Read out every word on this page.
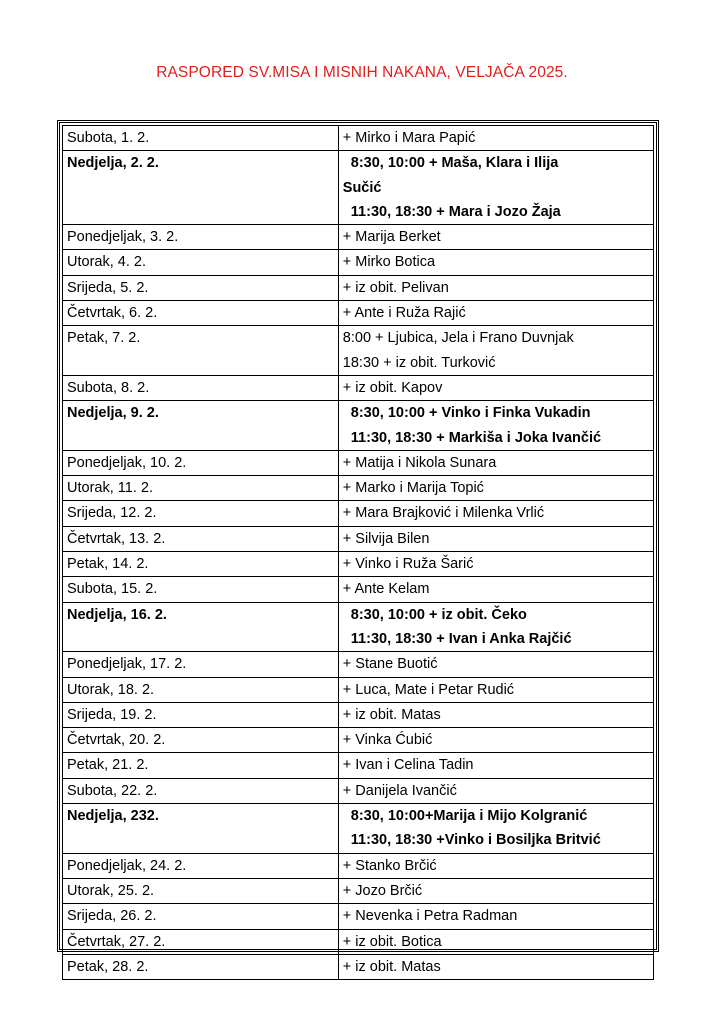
RASPORED SV.MISA I MISNIH NAKANA, VELJAČA 2025.
Subota, 1. 2.	+ Mirko i Mara Papić

Nedjelja, 2. 2.	8:30, 10:00 + Maša, Klara i Ilija
Sučić
11:30, 18:30 + Mara i Jozo Žaja

Ponedjeljak, 3. 2.	+ Marija Berket

Utorak, 4. 2.	+ Mirko Botica

Srijeda, 5. 2.	+ iz obit. Pelivan

Četvrtak, 6. 2.	+ Ante i Ruža Rajić

Petak, 7. 2.	8:00 + Ljubica, Jela i Frano Duvnjak
18:30 + iz obit. Turković

Subota, 8. 2.	+ iz obit. Kapov

Nedjelja, 9. 2.	8:30, 10:00 + Vinko i Finka Vukadin
11:30, 18:30 + Markiša i Joka Ivančić

Ponedjeljak, 10. 2.	+ Matija i Nikola Sunara

Utorak, 11. 2.	+ Marko i Marija Topić

Srijeda, 12. 2.	+ Mara Brajković i Milenka Vrlić

Četvrtak, 13. 2.	+ Silvija Bilen

Petak, 14. 2.	+ Vinko i Ruža Šarić

Subota, 15. 2.	+ Ante Kelam

Nedjelja, 16. 2.	8:30, 10:00 + iz obit. Čeko
11:30, 18:30 + Ivan i Anka Rajčić

Ponedjeljak, 17. 2.	+ Stane Buotić

Utorak, 18. 2.	+ Luca, Mate i Petar Rudić

Srijeda, 19. 2.	+ iz obit. Matas

Četvrtak, 20. 2.	+ Vinka Ćubić

Petak, 21. 2.	+ Ivan i Celina Tadin

Subota, 22. 2.	+ Danijela Ivančić

Nedjelja, 232.	8:30, 10:00+Marija i Mijo Kolgranić
11:30, 18:30 +Vinko i Bosiljka Britvić

Ponedjeljak, 24. 2.	+ Stanko Brčić

Utorak, 25. 2.	+ Jozo Brčić

Srijeda, 26. 2.	+ Nevenka i Petra Radman

Četvrtak, 27. 2.	+ iz obit. Botica

Petak, 28. 2.	+ iz obit. Matas
